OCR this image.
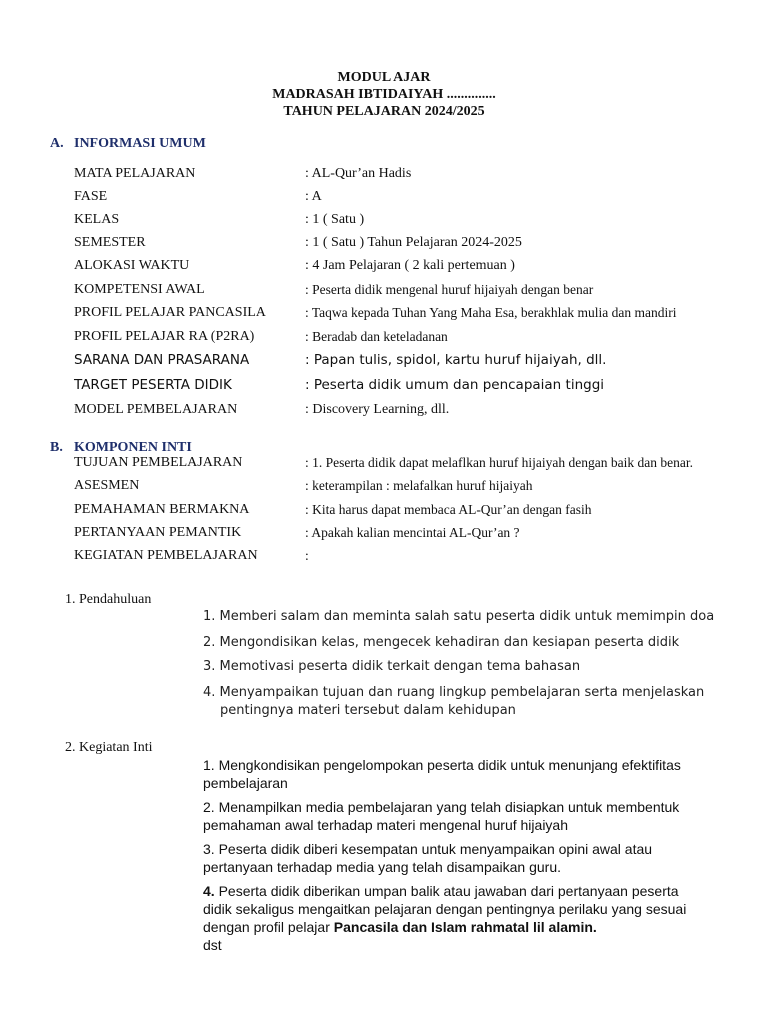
MODUL AJAR
MADRASAH IBTIDAIYAH ..............
TAHUN PELAJARAN 2024/2025
A. INFORMASI UMUM
MATA PELAJARAN	: AL-Qur’an Hadis
FASE	: A
KELAS	: 1 ( Satu )
SEMESTER	: 1 ( Satu ) Tahun Pelajaran 2024-2025
ALOKASI WAKTU	: 4 Jam Pelajaran ( 2 kali pertemuan )
KOMPETENSI AWAL	: Peserta didik mengenal huruf hijaiyah dengan benar
PROFIL PELAJAR PANCASILA	: Taqwa kepada Tuhan Yang Maha Esa, berakhlak mulia dan mandiri
PROFIL PELAJAR RA (P2RA)	: Beradab dan keteladanan
SARANA DAN PRASARANA	: Papan tulis, spidol, kartu huruf hijaiyah, dll.
TARGET PESERTA DIDIK	: Peserta didik umum dan pencapaian tinggi
MODEL PEMBELAJARAN	: Discovery Learning, dll.
B. KOMPONEN INTI
TUJUAN PEMBELAJARAN	: 1. Peserta didik dapat melaflkan huruf hijaiyah dengan baik dan benar.
ASESMEN	: keterampilan : melafalkan huruf hijaiyah
PEMAHAMAN BERMAKNA	: Kita harus dapat membaca AL-Qur’an dengan fasih
PERTANYAAN PEMANTIK	: Apakah kalian mencintai AL-Qur’an ?
KEGIATAN PEMBELAJARAN	:
1. Pendahuluan
1. Memberi salam dan meminta salah satu peserta didik untuk memimpin doa
2. Mengondisikan kelas, mengecek kehadiran dan kesiapan peserta didik
3. Memotivasi peserta didik terkait dengan tema bahasan
4. Menyampaikan tujuan dan ruang lingkup pembelajaran serta menjelaskan
pentingnya materi tersebut dalam kehidupan
2. Kegiatan Inti
1. Mengkondisikan pengelompokan peserta didik untuk menunjang efektifitas pembelajaran
2. Menampilkan media pembelajaran yang telah disiapkan untuk membentuk pemahaman awal terhadap materi mengenal huruf hijaiyah
3. Peserta didik diberi kesempatan untuk menyampaikan opini awal atau pertanyaan terhadap media yang telah disampaikan guru.
4. Peserta didik diberikan umpan balik atau jawaban dari pertanyaan peserta didik sekaligus mengaitkan pelajaran dengan pentingnya perilaku yang sesuai dengan profil pelajar Pancasila dan Islam rahmatal lil alamin.
dst
